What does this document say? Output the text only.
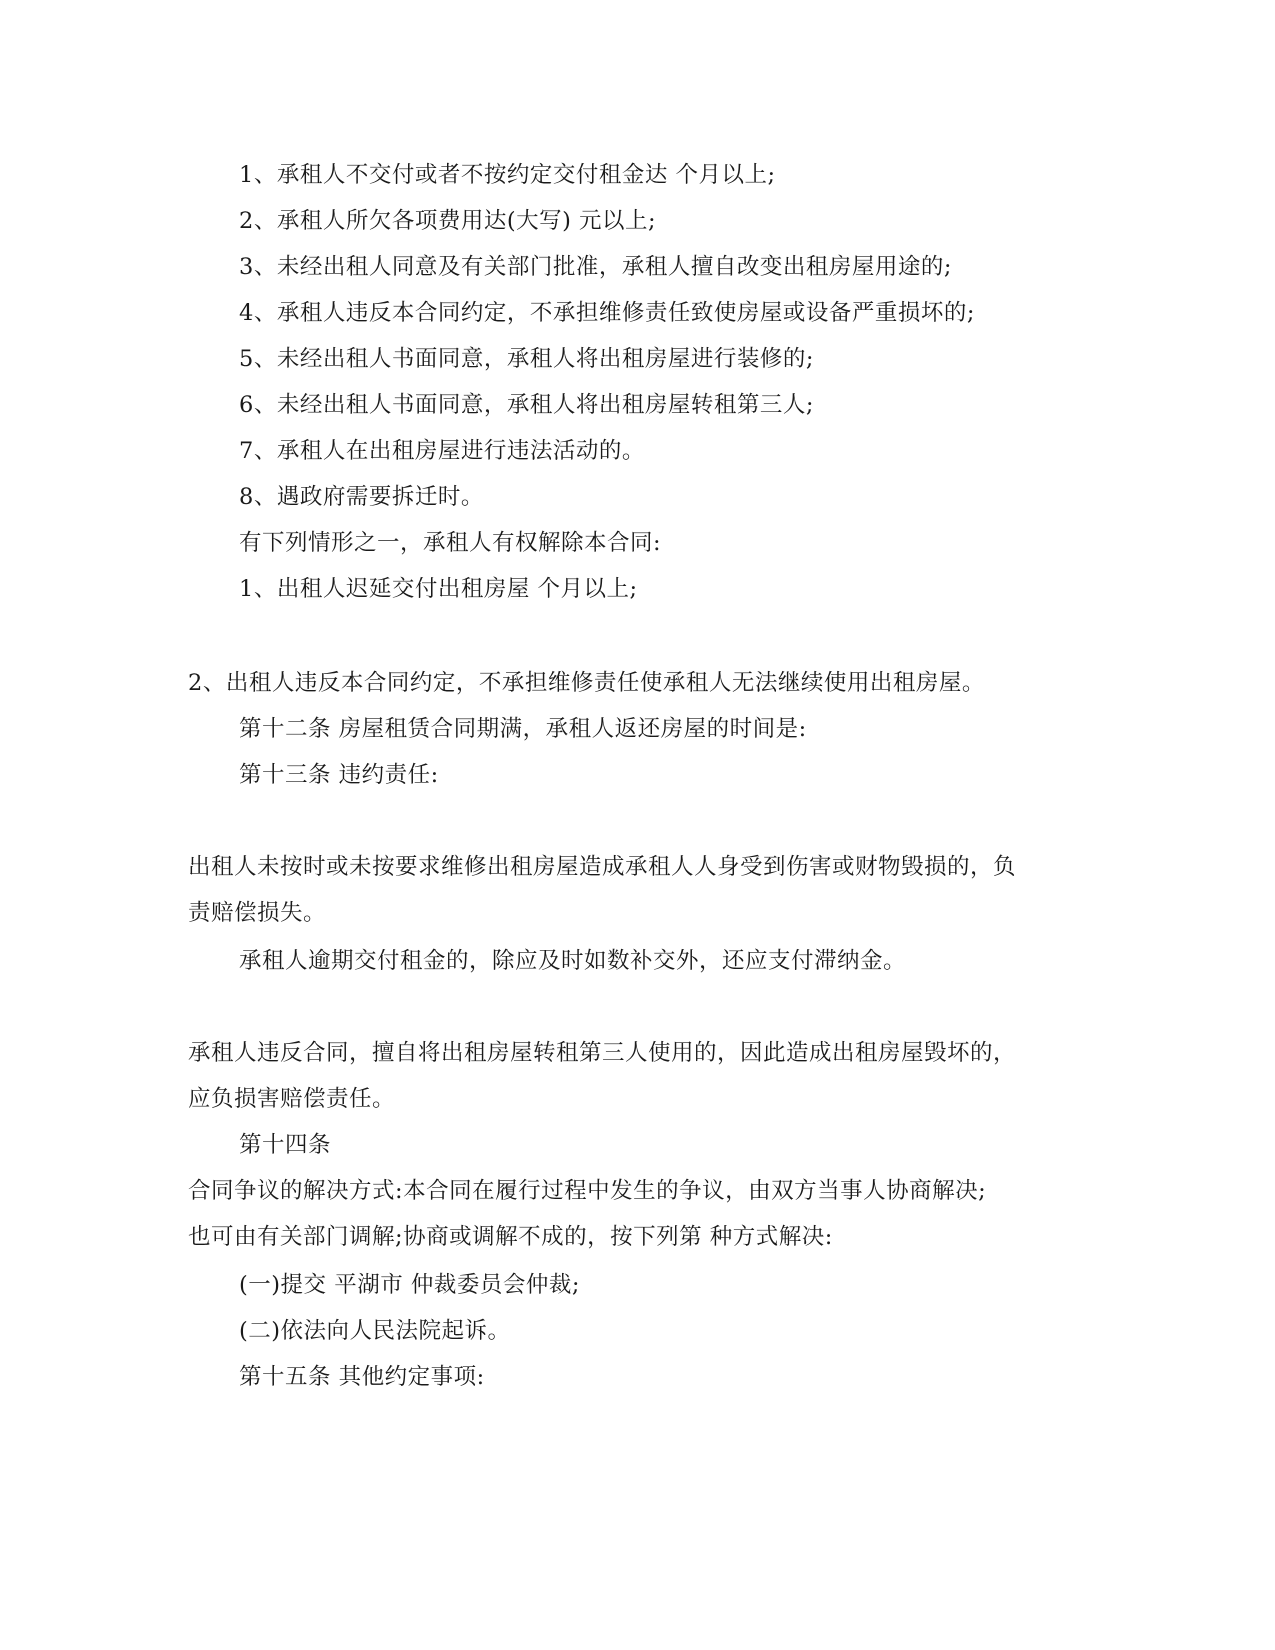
1、承租人不交付或者不按约定交付租金达 个月以上;
2、承租人所欠各项费用达(大写) 元以上;
3、未经出租人同意及有关部门批准，承租人擅自改变出租房屋用途的;
4、承租人违反本合同约定，不承担维修责任致使房屋或设备严重损坏的;
5、未经出租人书面同意，承租人将出租房屋进行装修的;
6、未经出租人书面同意，承租人将出租房屋转租第三人;
7、承租人在出租房屋进行违法活动的。
8、遇政府需要拆迁时。
有下列情形之一，承租人有权解除本合同:
1、出租人迟延交付出租房屋 个月以上;
2、出租人违反本合同约定，不承担维修责任使承租人无法继续使用出租房屋。
第十二条 房屋租赁合同期满，承租人返还房屋的时间是:
第十三条 违约责任:
出租人未按时或未按要求维修出租房屋造成承租人人身受到伤害或财物毁损的，负
责赔偿损失。
承租人逾期交付租金的，除应及时如数补交外，还应支付滞纳金。
承租人违反合同，擅自将出租房屋转租第三人使用的，因此造成出租房屋毁坏的，
应负损害赔偿责任。
第十四条
合同争议的解决方式:本合同在履行过程中发生的争议，由双方当事人协商解决;
也可由有关部门调解;协商或调解不成的，按下列第 种方式解决:
(一)提交 平湖市 仲裁委员会仲裁;
(二)依法向人民法院起诉。
第十五条 其他约定事项:
